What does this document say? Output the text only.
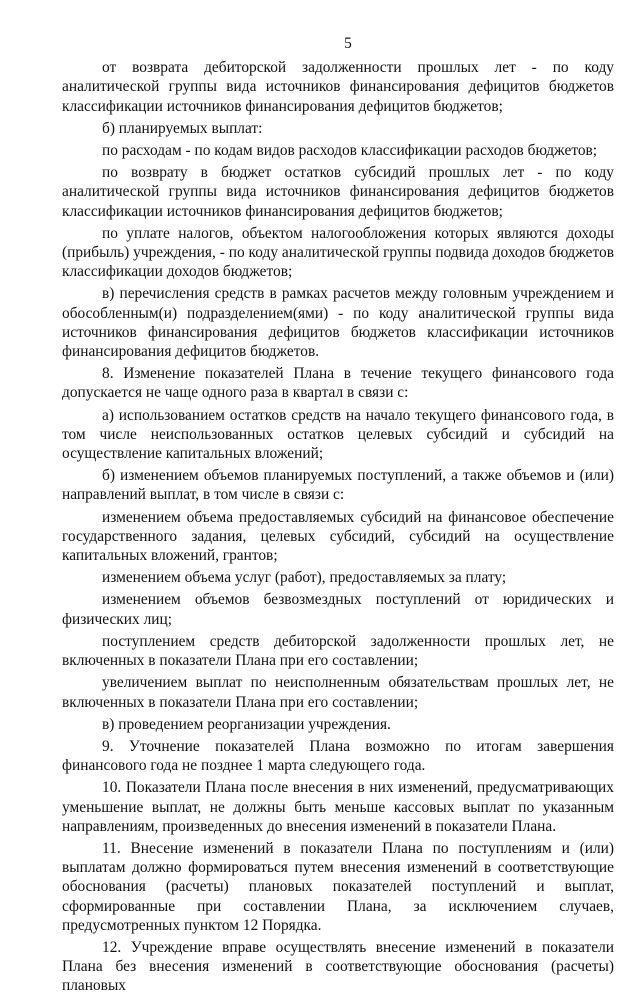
5

от возврата дебиторской задолженности прошлых лет - по коду аналитической группы вида источников финансирования дефицитов бюджетов классификации источников финансирования дефицитов бюджетов;

б) планируемых выплат:

по расходам - по кодам видов расходов классификации расходов бюджетов;

по возврату в бюджет остатков субсидий прошлых лет - по коду аналитической группы вида источников финансирования дефицитов бюджетов классификации источников финансирования дефицитов бюджетов;

по уплате налогов, объектом налогообложения которых являются доходы (прибыль) учреждения, - по коду аналитической группы подвида доходов бюджетов классификации доходов бюджетов;

в) перечисления средств в рамках расчетов между головным учреждением и обособленным(и) подразделением(ями) - по коду аналитической группы вида источников финансирования дефицитов бюджетов классификации источников финансирования дефицитов бюджетов.

8. Изменение показателей Плана в течение текущего финансового года допускается не чаще одного раза в квартал в связи с:

а) использованием остатков средств на начало текущего финансового года, в том числе неиспользованных остатков целевых субсидий и субсидий на осуществление капитальных вложений;

б) изменением объемов планируемых поступлений, а также объемов и (или) направлений выплат, в том числе в связи с:

изменением объема предоставляемых субсидий на финансовое обеспечение государственного задания, целевых субсидий, субсидий на осуществление капитальных вложений, грантов;

изменением объема услуг (работ), предоставляемых за плату;

изменением объемов безвозмездных поступлений от юридических и физических лиц;

поступлением средств дебиторской задолженности прошлых лет, не включенных в показатели Плана при его составлении;

увеличением выплат по неисполненным обязательствам прошлых лет, не включенных в показатели Плана при его составлении;

в) проведением реорганизации учреждения.

9. Уточнение показателей Плана возможно по итогам завершения финансового года не позднее 1 марта следующего года.

10. Показатели Плана после внесения в них изменений, предусматривающих уменьшение выплат, не должны быть меньше кассовых выплат по указанным направлениям, произведенных до внесения изменений в показатели Плана.

11. Внесение изменений в показатели Плана по поступлениям и (или) выплатам должно формироваться путем внесения изменений в соответствующие обоснования (расчеты) плановых показателей поступлений и выплат, сформированные при составлении Плана, за исключением случаев, предусмотренных пунктом 12 Порядка.

12. Учреждение вправе осуществлять внесение изменений в показатели Плана без внесения изменений в соответствующие обоснования (расчеты) плановых
